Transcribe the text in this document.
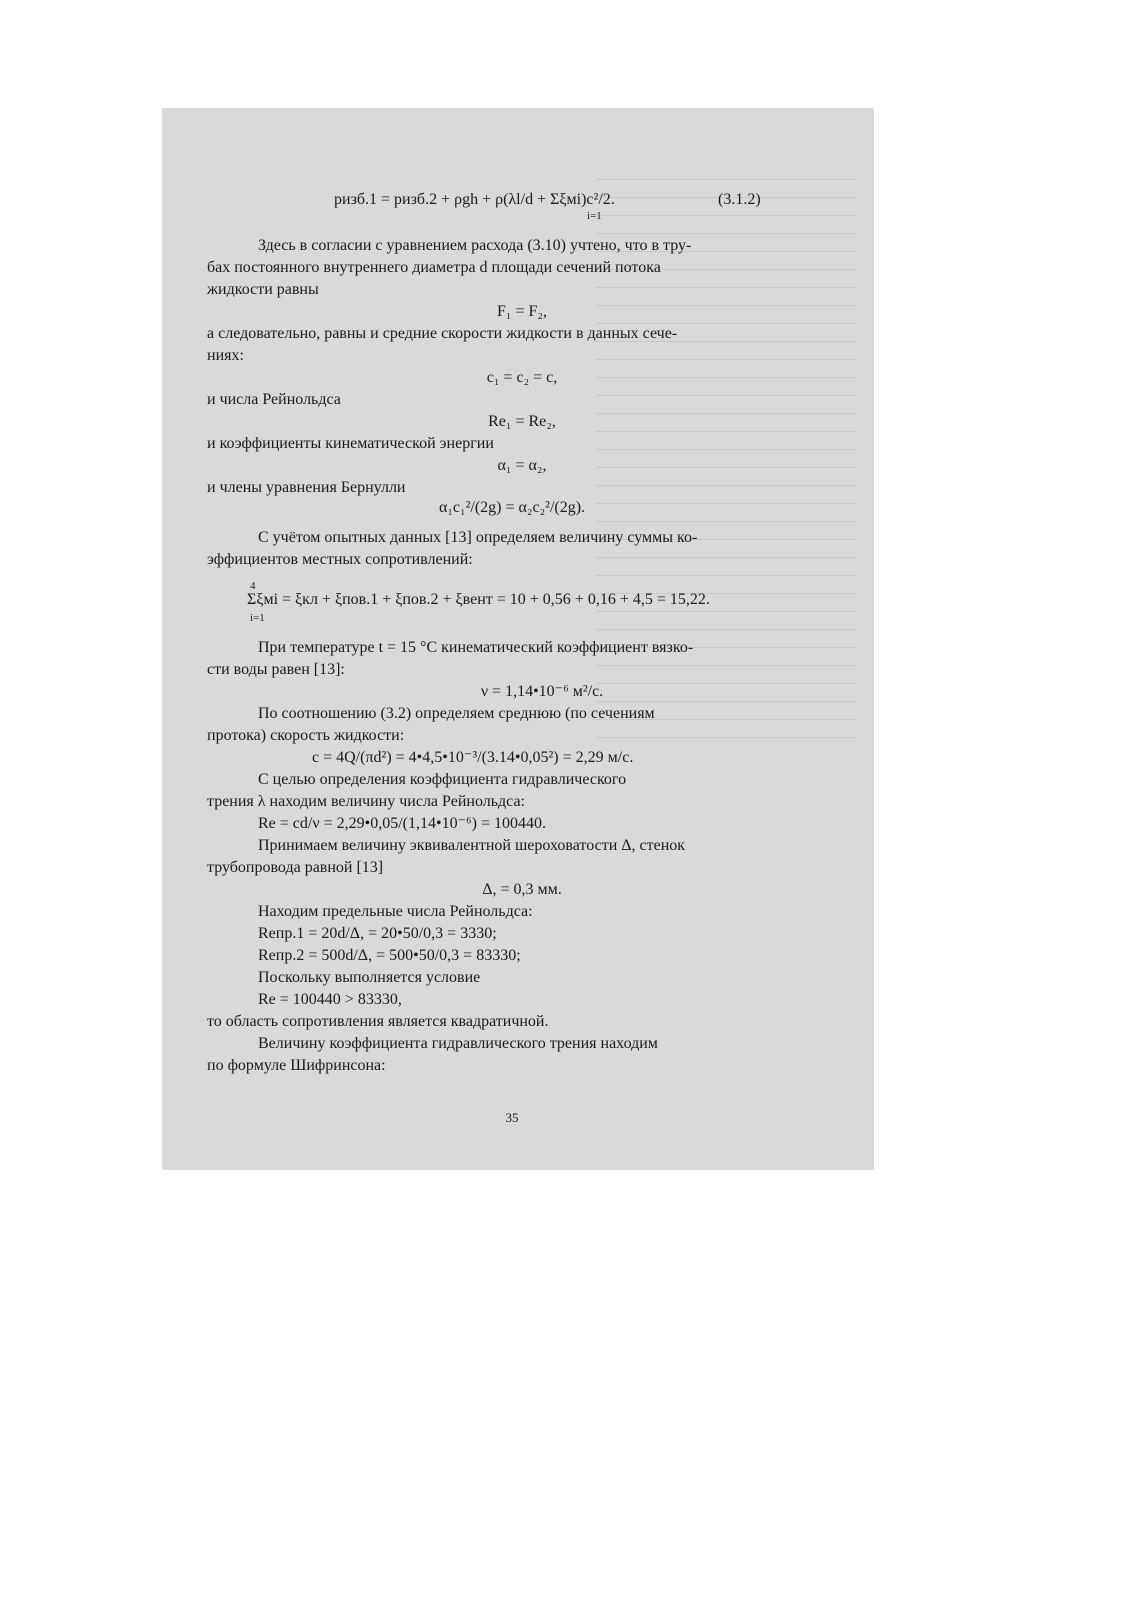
pизб.1 = pизб.2 + ρgh + ρ(λl/d + Σξмi)c²/2.	(3.1.2)
i=1
Здесь в согласии с уравнением расхода (3.10) учтено, что в тру-
бах постоянного внутреннего диаметра d площади сечений потока
жидкости равны
F₁ = F₂,
а следовательно, равны и средние скорости жидкости в данных сече-
ниях:
c₁ = c₂ = c,
и числа Рейнольдса
Re₁ = Re₂,
и коэффициенты кинематической энергии
α₁ = α₂,
и члены уравнения Бернулли
α₁c₁²/(2g) = α₂c₂²/(2g).
С учётом опытных данных [13] определяем величину суммы ко-
эффициентов местных сопротивлений:
4
Σξмi = ξкл + ξпов.1 + ξпов.2 + ξвент = 10 + 0,56 + 0,16 + 4,5 = 15,22.
i=1
При температуре t = 15 °C кинематический коэффициент вязко-
сти воды равен [13]:
ν = 1,14•10⁻⁶ м²/с.
По соотношению (3.2) определяем среднюю (по сечениям
протока) скорость жидкости:
c = 4Q/(πd²) = 4•4,5•10⁻³/(3.14•0,05²) = 2,29 м/с.
С целью определения коэффициента гидравлического
трения λ находим величину числа Рейнольдса:
Re = cd/ν = 2,29•0,05/(1,14•10⁻⁶) = 100440.
Принимаем величину эквивалентной шероховатости Δ, стенок
трубопровода равной [13]
Δ, = 0,3 мм.
Находим предельные числа Рейнольдса:
Reпр.1 = 20d/Δ, = 20•50/0,3 = 3330;
Reпр.2 = 500d/Δ, = 500•50/0,3 = 83330;
Поскольку выполняется условие
Re = 100440 > 83330,
то область сопротивления является квадратичной.
Величину коэффициента гидравлического трения находим
по формуле Шифринсона:
35
